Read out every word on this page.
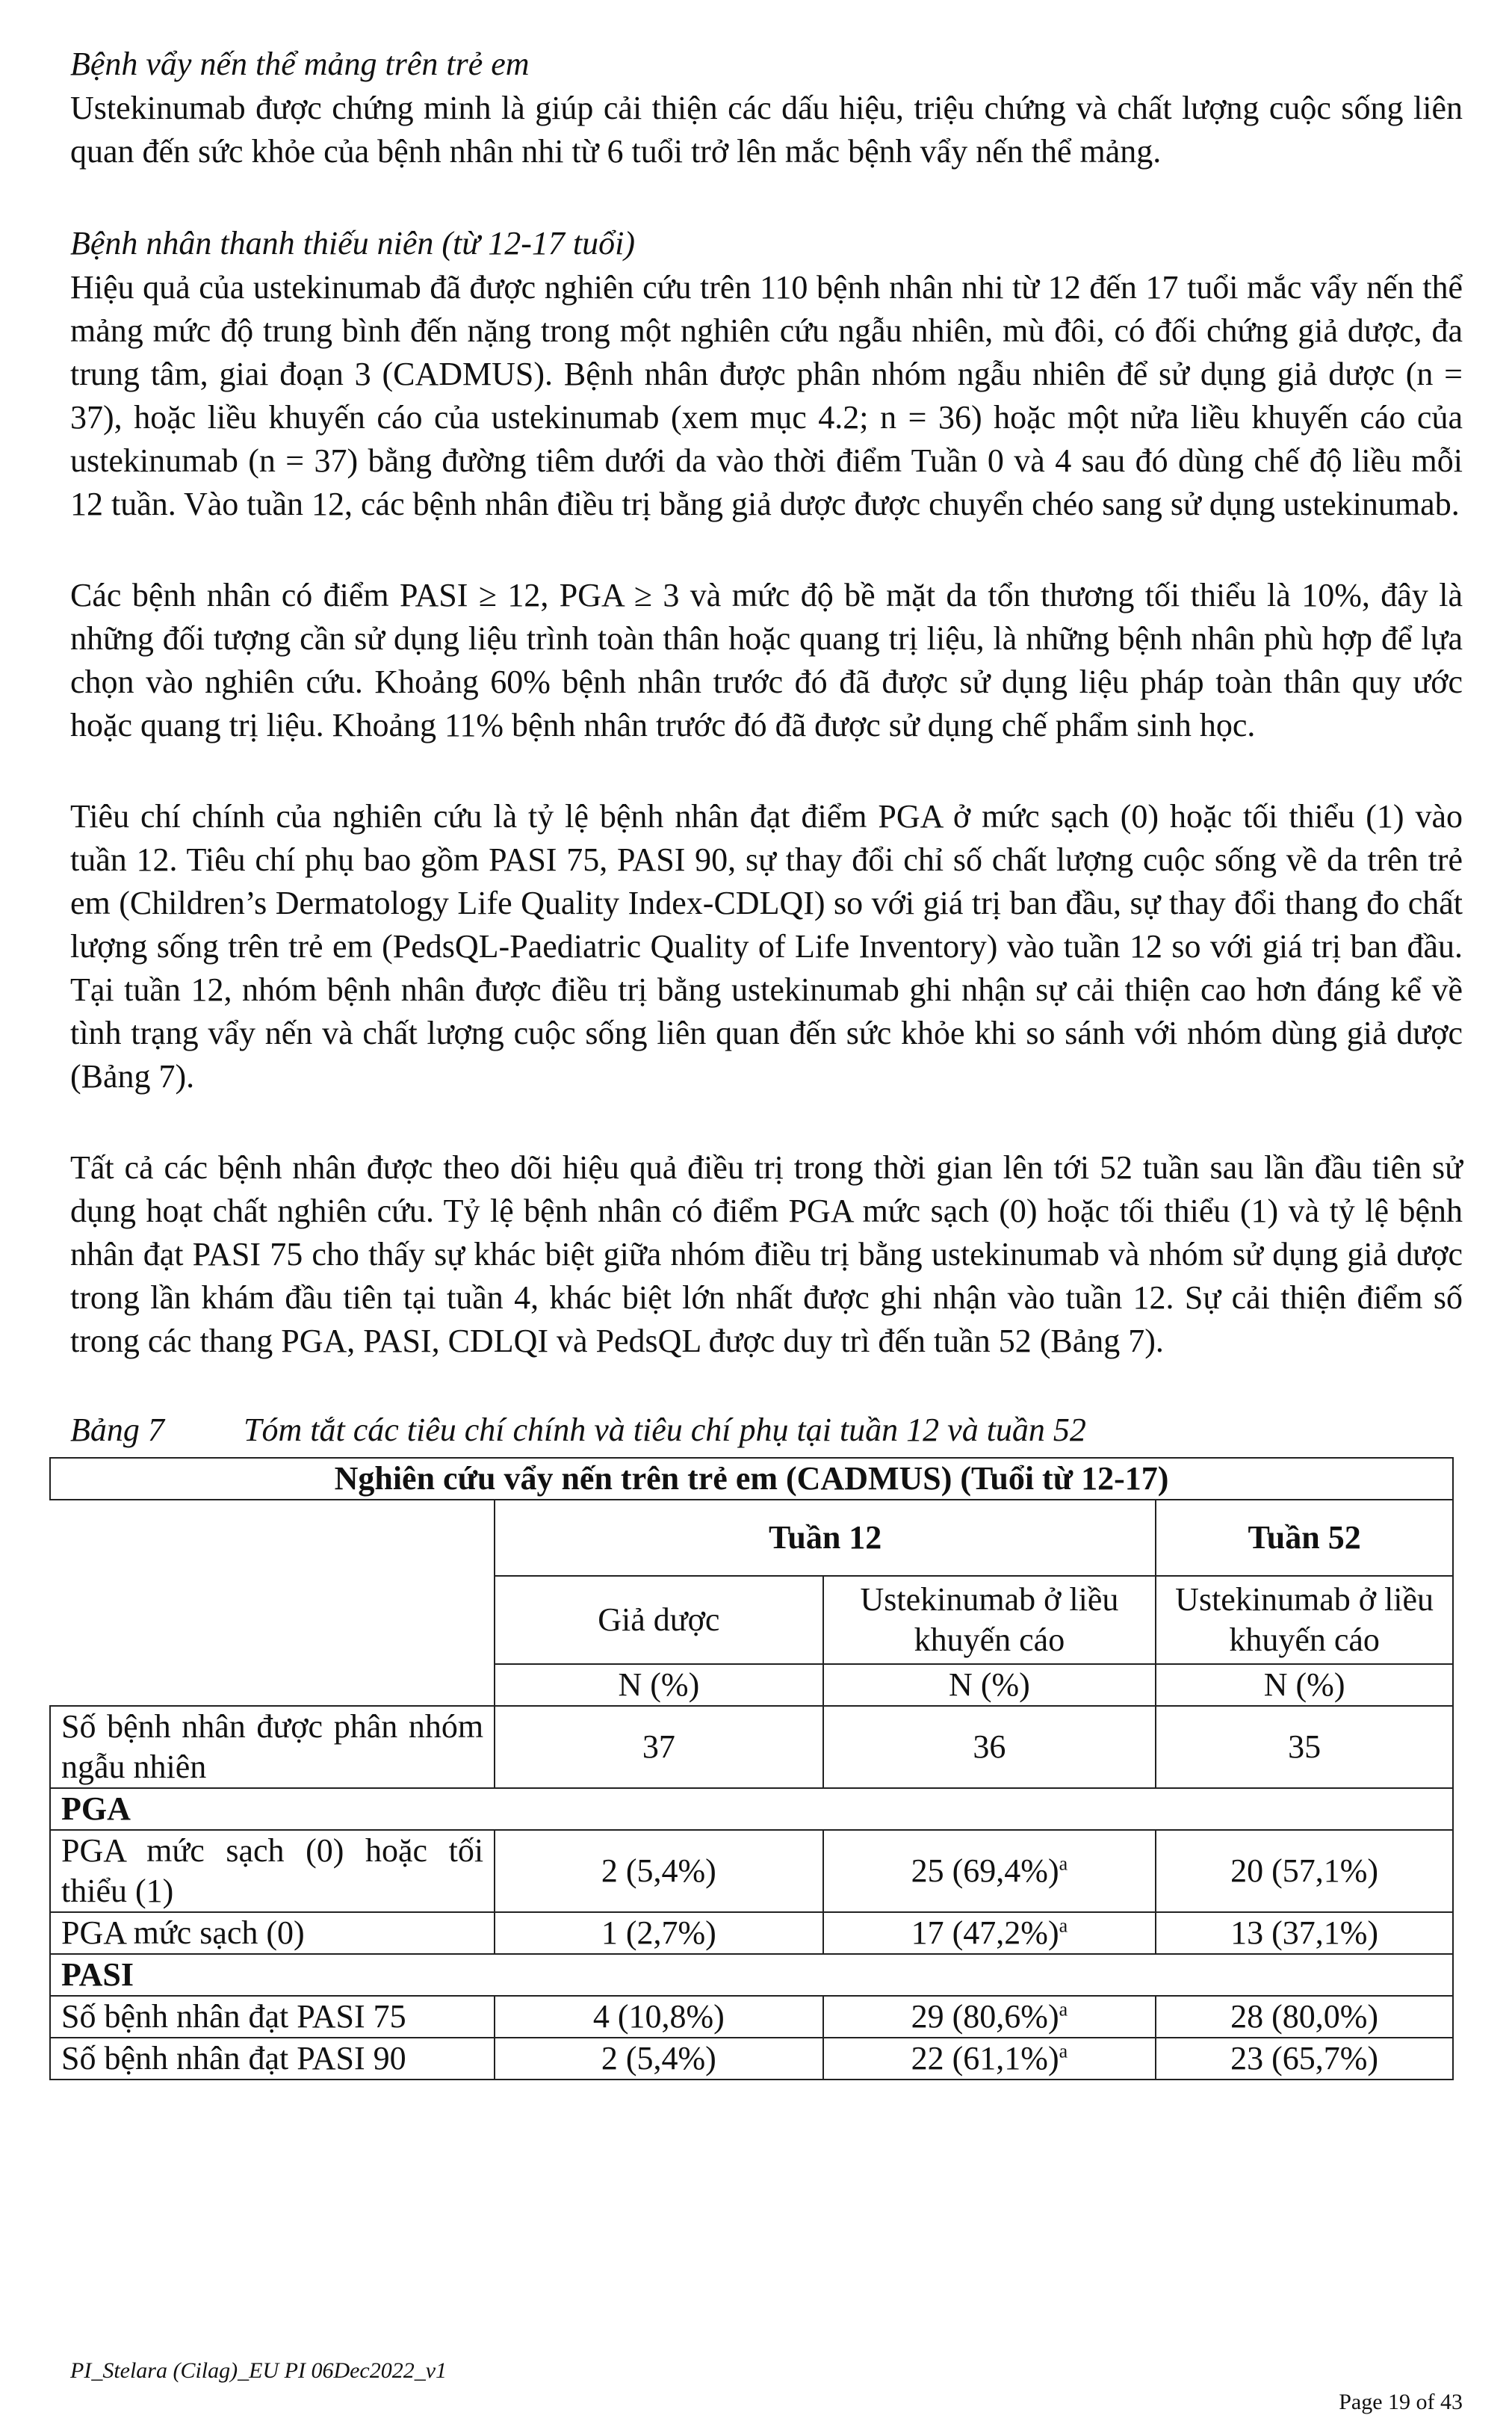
Bệnh vẩy nến thể mảng trên trẻ em

Ustekinumab được chứng minh là giúp cải thiện các dấu hiệu, triệu chứng và chất lượng cuộc sống liên quan đến sức khỏe của bệnh nhân nhi từ 6 tuổi trở lên mắc bệnh vẩy nến thể mảng.

Bệnh nhân thanh thiếu niên (từ 12-17 tuổi)

Hiệu quả của ustekinumab đã được nghiên cứu trên 110 bệnh nhân nhi từ 12 đến 17 tuổi mắc vẩy nến thể mảng mức độ trung bình đến nặng trong một nghiên cứu ngẫu nhiên, mù đôi, có đối chứng giả dược, đa trung tâm, giai đoạn 3 (CADMUS). Bệnh nhân được phân nhóm ngẫu nhiên để sử dụng giả dược (n = 37), hoặc liều khuyến cáo của ustekinumab (xem mục 4.2; n = 36) hoặc một nửa liều khuyến cáo của ustekinumab (n = 37) bằng đường tiêm dưới da vào thời điểm Tuần 0 và 4 sau đó dùng chế độ liều mỗi 12 tuần. Vào tuần 12, các bệnh nhân điều trị bằng giả dược được chuyển chéo sang sử dụng ustekinumab.

Các bệnh nhân có điểm PASI ≥ 12, PGA ≥ 3 và mức độ bề mặt da tổn thương tối thiểu là 10%, đây là những đối tượng cần sử dụng liệu trình toàn thân hoặc quang trị liệu, là những bệnh nhân phù hợp để lựa chọn vào nghiên cứu. Khoảng 60% bệnh nhân trước đó đã được sử dụng liệu pháp toàn thân quy ước hoặc quang trị liệu. Khoảng 11% bệnh nhân trước đó đã được sử dụng chế phẩm sinh học.

Tiêu chí chính của nghiên cứu là tỷ lệ bệnh nhân đạt điểm PGA ở mức sạch (0) hoặc tối thiểu (1) vào tuần 12. Tiêu chí phụ bao gồm PASI 75, PASI 90, sự thay đổi chỉ số chất lượng cuộc sống về da trên trẻ em (Children’s Dermatology Life Quality Index-CDLQI) so với giá trị ban đầu, sự thay đổi thang đo chất lượng sống trên trẻ em (PedsQL-Paediatric Quality of Life Inventory) vào tuần 12 so với giá trị ban đầu. Tại tuần 12, nhóm bệnh nhân được điều trị bằng ustekinumab ghi nhận sự cải thiện cao hơn đáng kể về tình trạng vẩy nến và chất lượng cuộc sống liên quan đến sức khỏe khi so sánh với nhóm dùng giả dược (Bảng 7).

Tất cả các bệnh nhân được theo dõi hiệu quả điều trị trong thời gian lên tới 52 tuần sau lần đầu tiên sử dụng hoạt chất nghiên cứu. Tỷ lệ bệnh nhân có điểm PGA mức sạch (0) hoặc tối thiểu (1) và tỷ lệ bệnh nhân đạt PASI 75 cho thấy sự khác biệt giữa nhóm điều trị bằng ustekinumab và nhóm sử dụng giả dược trong lần khám đầu tiên tại tuần 4, khác biệt lớn nhất được ghi nhận vào tuần 12. Sự cải thiện điểm số trong các thang PGA, PASI, CDLQI và PedsQL được duy trì đến tuần 52 (Bảng 7).

Bảng 7	Tóm tắt các tiêu chí chính và tiêu chí phụ tại tuần 12 và tuần 52
Nghiên cứu vẩy nến trên trẻ em (CADMUS) (Tuổi từ 12-17)			
	Tuần 12		Tuần 52
	Giả dược	Ustekinumab ở liều khuyến cáo	Ustekinumab ở liều khuyến cáo
	N (%)	N (%)	N (%)
Số bệnh nhân được phân nhóm ngẫu nhiên	37	36	35
PGA			
PGA mức sạch (0) hoặc tối thiểu (1)	2 (5,4%)	25 $(69,4\%)^a$	20 (57,1%)
PGA mức sạch (0)	1 (2,7%)	17 $(47,2\%)^a$	13 (37,1%)
PASI			
Số bệnh nhân đạt PASI 75	4 (10,8%)	29 $(80,6\%)^a$	28 (80,0%)
Số bệnh nhân đạt PASI 90	2 (5,4%)	22 $(61,1\%)^a$	23 (65,7%)
PI_Stelara (Cilag)_EU PI 06Dec2022_v1
Page 19 of 43
